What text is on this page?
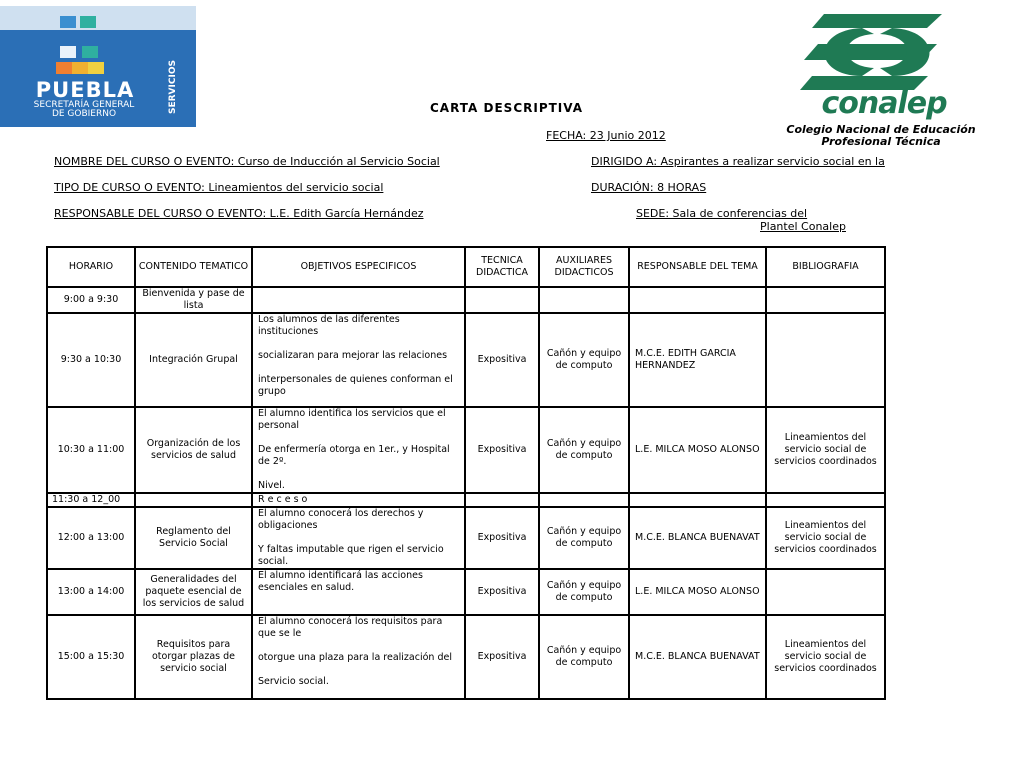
PUEBLA
SECRETARÍA GENERAL
DE GOBIERNO	SERVICIOS	conalep
Colegio Nacional de Educación
Profesional Técnica
CARTA DESCRIPTIVA
FECHA: 23 Junio 2012
NOMBRE DEL CURSO O EVENTO: Curso de Inducción al Servicio Social	DIRIGIDO A: Aspirantes a realizar servicio social en la
TIPO DE CURSO O EVENTO: Lineamientos del servicio social	DURACIÓN: 8 HORAS
RESPONSABLE DEL CURSO O EVENTO: L.E. Edith García Hernández	SEDE: Sala de conferencias del
Plantel Conalep
HORARIO	CONTENIDO TEMATICO	OBJETIVOS ESPECIFICOS	TECNICA DIDACTICA	AUXILIARES DIDACTICOS	RESPONSABLE DEL TEMA	BIBLIOGRAFIA
9:00 a 9:30	Bienvenida y pase de lista					
9:30 a 10:30	Integración Grupal	Los alumnos de las diferentes instituciones
socializaran para mejorar las relaciones
interpersonales de quienes conforman el grupo	Expositiva	Cañón y equipo de computo	M.C.E. EDITH GARCIA HERNANDEZ	
10:30 a 11:00	Organización de los servicios de salud	El alumno identifica los servicios que el personal
De enfermería otorga en 1er., y Hospital de 2º.
Nivel.	Expositiva	Cañón y equipo de computo	L.E. MILCA MOSO ALONSO	Lineamientos del servicio social de servicios coordinados
11:30 a 12_00		R e c e s o				

12:00 a 13:00	Reglamento del Servicio Social	El alumno conocerá los derechos y obligaciones
Y faltas imputable que rigen el servicio social.	Expositiva	Cañón y equipo de computo	M.C.E. BLANCA BUENAVAT	Lineamientos del servicio social de servicios coordinados
13:00 a 14:00	Generalidades del paquete esencial de los servicios de salud	El alumno identificará las acciones esenciales en salud.	Expositiva	Cañón y equipo de computo	L.E. MILCA MOSO ALONSO	
15:00 a 15:30	Requisitos para otorgar plazas de servicio social	El alumno conocerá los requisitos para que se le
otorgue una plaza para la realización del
Servicio social.	Expositiva	Cañón y equipo de computo	M.C.E. BLANCA BUENAVAT	Lineamientos del servicio social de servicios coordinados
